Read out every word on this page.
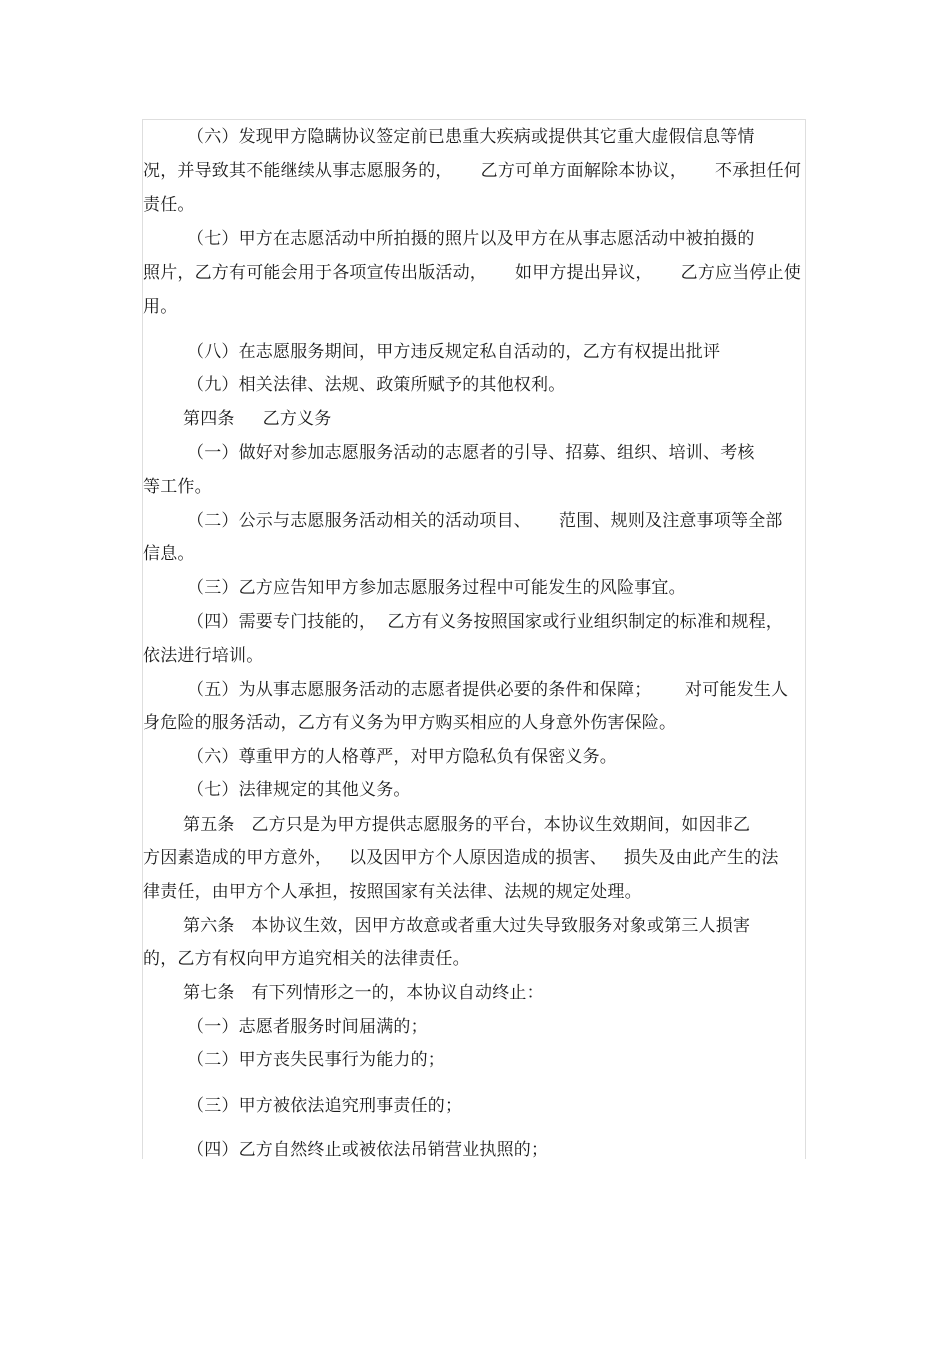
（六）发现甲方隐瞒协议签定前已患重大疾病或提供其它重大虚假信息等情
况，并导致其不能继续从事志愿服务的，     乙方可单方面解除本协议，     不承担任何
责任。
（七）甲方在志愿活动中所拍摄的照片以及甲方在从事志愿活动中被拍摄的
照片，乙方有可能会用于各项宣传出版活动，     如甲方提出异议，     乙方应当停止使
用。
（八）在志愿服务期间，甲方违反规定私自活动的，乙方有权提出批评
（九）相关法律、法规、政策所赋予的其他权利。
第四条     乙方义务
（一）做好对参加志愿服务活动的志愿者的引导、招募、组织、培训、考核
等工作。
（二）公示与志愿服务活动相关的活动项目、     范围、规则及注意事项等全部
信息。
（三）乙方应告知甲方参加志愿服务过程中可能发生的风险事宜。
（四）需要专门技能的，  乙方有义务按照国家或行业组织制定的标准和规程，
依法进行培训。
（五）为从事志愿服务活动的志愿者提供必要的条件和保障；      对可能发生人
身危险的服务活动，乙方有义务为甲方购买相应的人身意外伤害保险。
（六）尊重甲方的人格尊严，对甲方隐私负有保密义务。
（七）法律规定的其他义务。
第五条   乙方只是为甲方提供志愿服务的平台，本协议生效期间，如因非乙
方因素造成的甲方意外，   以及因甲方个人原因造成的损害、   损失及由此产生的法
律责任，由甲方个人承担，按照国家有关法律、法规的规定处理。
第六条   本协议生效，因甲方故意或者重大过失导致服务对象或第三人损害
的，乙方有权向甲方追究相关的法律责任。
第七条   有下列情形之一的，本协议自动终止：
（一）志愿者服务时间届满的；
（二）甲方丧失民事行为能力的；
（三）甲方被依法追究刑事责任的；
（四）乙方自然终止或被依法吊销营业执照的；
